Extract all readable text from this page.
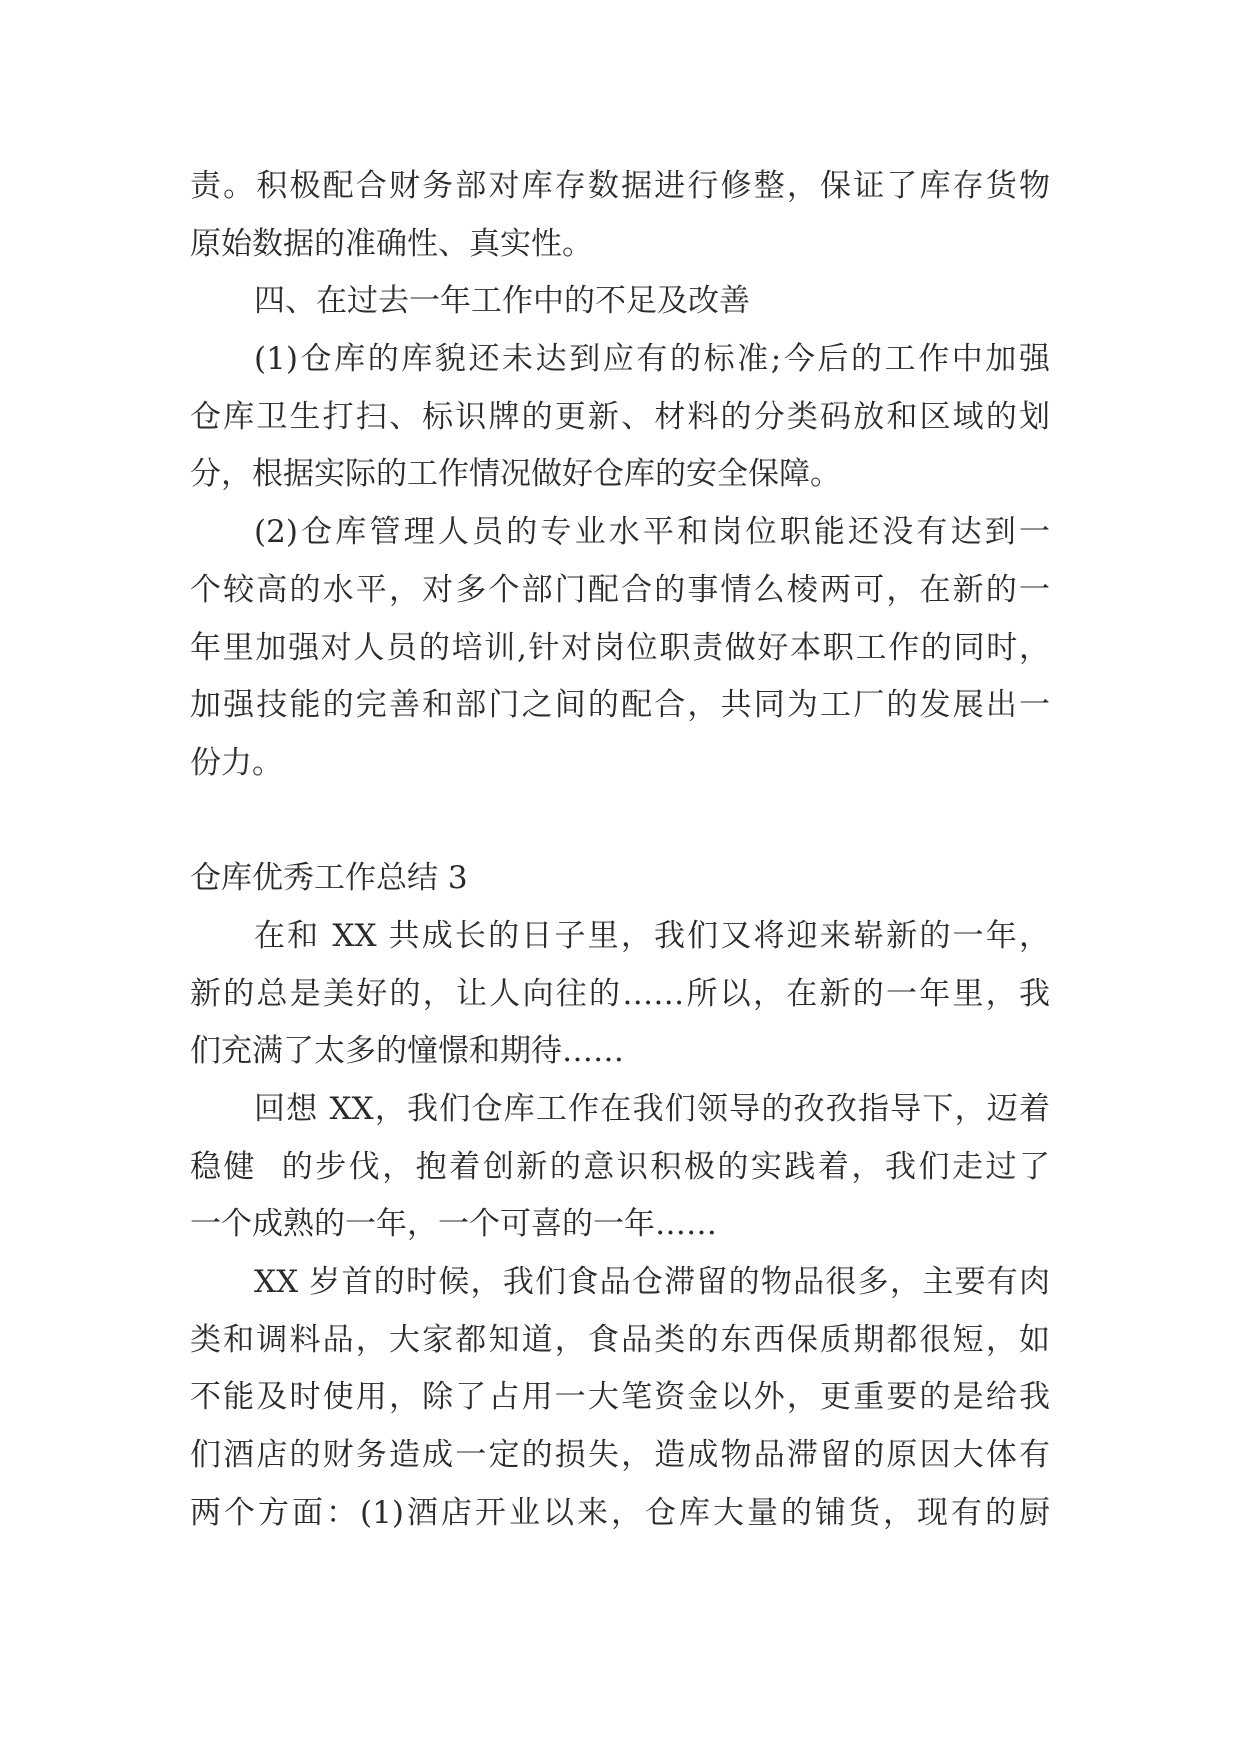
责。积极配合财务部对库存数据进行修整，保证了库存货物
原始数据的准确性、真实性。
四、在过去一年工作中的不足及改善
(1)仓库的库貌还未达到应有的标准;今后的工作中加强
仓库卫生打扫、标识牌的更新、材料的分类码放和区域的划
分，根据实际的工作情况做好仓库的安全保障。
(2)仓库管理人员的专业水平和岗位职能还没有达到一
个较高的水平，对多个部门配合的事情么棱两可，在新的一
年里加强对人员的培训,针对岗位职责做好本职工作的同时，
加强技能的完善和部门之间的配合，共同为工厂的发展出一
份力。
仓库优秀工作总结 3
在和 XX 共成长的日子里，我们又将迎来崭新的一年，
新的总是美好的，让人向往的……所以，在新的一年里，我
们充满了太多的憧憬和期待……
回想 XX，我们仓库工作在我们领导的孜孜指导下，迈着
稳健  的步伐，抱着创新的意识积极的实践着，我们走过了
一个成熟的一年，一个可喜的一年……
XX 岁首的时候，我们食品仓滞留的物品很多，主要有肉
类和调料品，大家都知道，食品类的东西保质期都很短，如
不能及时使用，除了占用一大笔资金以外，更重要的是给我
们酒店的财务造成一定的损失，造成物品滞留的原因大体有
两个方面：(1)酒店开业以来，仓库大量的铺货，现有的厨
